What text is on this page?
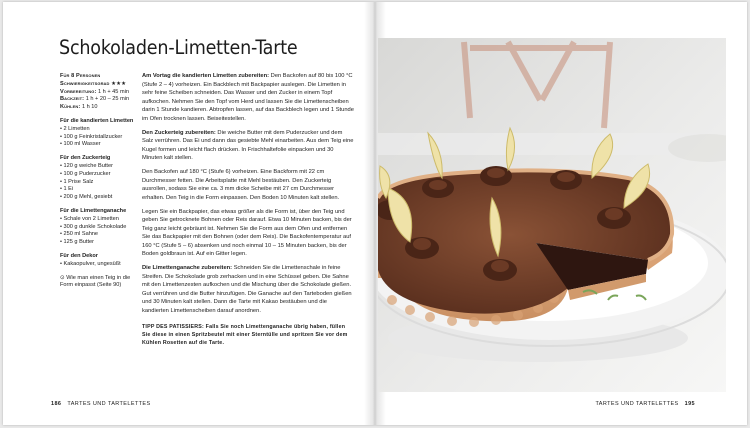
Schokoladen-Limetten-Tarte
Für 8 Personen
Schwierigkeitsgrad ★★★
Vorbereitung: 1 h + 45 min
Backzeit: 1 h + 20 – 25 min
Kühlen: 1 h 10
Für die kandierten Limetten
• 2 Limetten
• 100 g Feinkristallzucker
• 100 ml Wasser
Für den Zuckerteig
• 120 g weiche Butter
• 100 g Puderzucker
• 1 Prise Salz
• 1 Ei
• 200 g Mehl, gesiebt
Für die Limettenganache
• Schale von 2 Limetten
• 300 g dunkle Schokolade
• 250 ml Sahne
• 125 g Butter
Für den Dekor
• Kakaopulver, ungesüßt
⊙ Wie man einen Teig in die Form einpasst (Seite 90)

Am Vortag die kandierten Limetten zubereiten: Den Backofen auf 80 bis 100 °C (Stufe 2 – 4) vorheizen. Ein Backblech mit Backpapier auslegen. Die Limetten in sehr feine Scheiben schneiden. Das Wasser und den Zucker in einem Topf aufkochen. Nehmen Sie den Topf vom Herd und lassen Sie die Limettenscheiben darin 1 Stunde kandieren. Abtropfen lassen, auf das Backblech legen und 1 Stunde im Ofen trocknen lassen. Beiseitestellen.

Den Zuckerteig zubereiten: Die weiche Butter mit dem Puderzucker und dem Salz verrühren. Das Ei und dann das gesiebte Mehl einarbeiten. Aus dem Teig eine Kugel formen und leicht flach drücken. In Frischhaltefolie einpacken und 30 Minuten kalt stellen.

Den Backofen auf 180 °C (Stufe 6) vorheizen. Eine Backform mit 22 cm Durchmesser fetten. Die Arbeitsplatte mit Mehl bestäuben. Den Zuckerteig ausrollen, sodass Sie eine ca. 3 mm dicke Scheibe mit 27 cm Durchmesser erhalten. Den Teig in die Form einpassen. Den Boden 10 Minuten kalt stellen.

Legen Sie ein Backpapier, das etwas größer als die Form ist, über den Teig und geben Sie getrocknete Bohnen oder Reis darauf. Etwa 10 Minuten backen, bis der Teig ganz leicht gebräunt ist. Nehmen Sie die Form aus dem Ofen und entfernen Sie das Backpapier mit den Bohnen (oder dem Reis). Die Backofentemperatur auf 160 °C (Stufe 5 – 6) absenken und noch einmal 10 – 15 Minuten backen, bis der Boden goldbraun ist. Auf ein Gitter legen.

Die Limettenganache zubereiten: Schneiden Sie die Limettenschale in feine Streifen. Die Schokolade grob zerhacken und in eine Schüssel geben. Die Sahne mit den Limettenzesten aufkochen und die Mischung über die Schokolade gießen. Gut verrühren und die Butter hinzufügen. Die Ganache auf den Tarteboden gießen und 30 Minuten kalt stellen. Dann die Tarte mit Kakao bestäuben und die kandierten Limettenscheiben darauf anordnen.

TIPP DES PATISSIERS: Falls Sie noch Limettenganache übrig haben, füllen Sie diese in einen Spritzbeutel mit einer Sterntülle und spritzen Sie vor dem Kühlen Rosetten auf die Tarte.

186 TARTES UND TARTELETTES	TARTES UND TARTELETTES 195
